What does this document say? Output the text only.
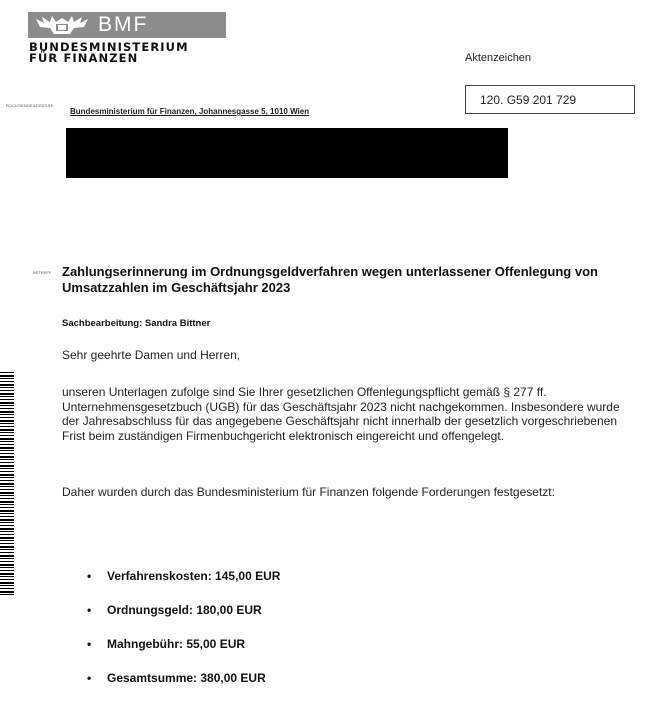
BMF
BUNDESMINISTERIUM
FÜR FINANZEN	Aktenzeichen
120. G59 201 729
RÜCKSENDEADRESSE
Bundesministerium für Finanzen, Johannesgasse 5, 1010 Wien
BETREFF Zahlungserinnerung im Ordnungsgeldverfahren wegen unterlassener Offenlegung von Umsatzzahlen im Geschäftsjahr 2023
Sachbearbeitung: Sandra Bittner
Sehr geehrte Damen und Herren,
unseren Unterlagen zufolge sind Sie Ihrer gesetzlichen Offenlegungspflicht gemäß § 277 ff. Unternehmensgesetzbuch (UGB) für das Geschäftsjahr 2023 nicht nachgekommen. Insbesondere wurde der Jahresabschluss für das angegebene Geschäftsjahr nicht innerhalb der gesetzlich vorgeschriebenen Frist beim zuständigen Firmenbuchgericht elektronisch eingereicht und offengelegt.
Daher wurden durch das Bundesministerium für Finanzen folgende Forderungen festgesetzt:
• Verfahrenskosten: 145,00 EUR
• Ordnungsgeld: 180,00 EUR
• Mahngebühr: 55,00 EUR
• Gesamtsumme: 380,00 EUR
